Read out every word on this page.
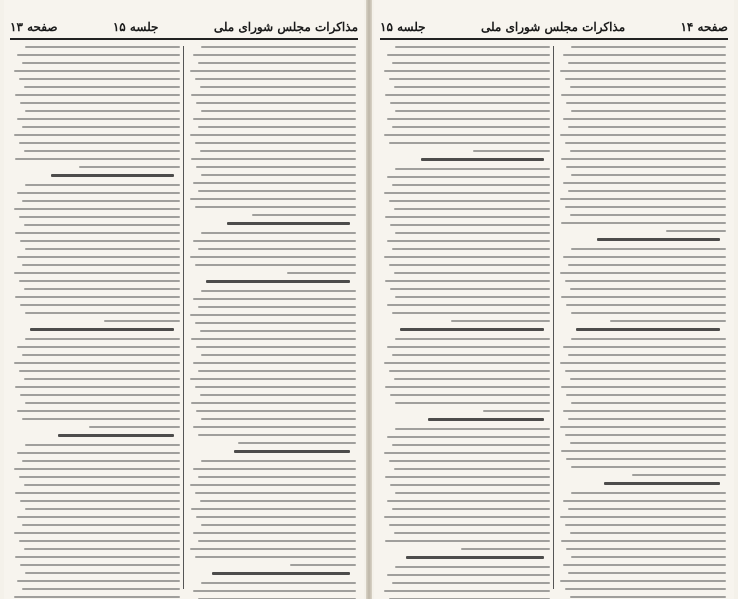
مذاکرات مجلس شورای ملی
جلسه ۱۵
صفحه ۱۳	صفحه ۱۴
مذاکرات مجلس شورای ملی
جلسه ۱۵
